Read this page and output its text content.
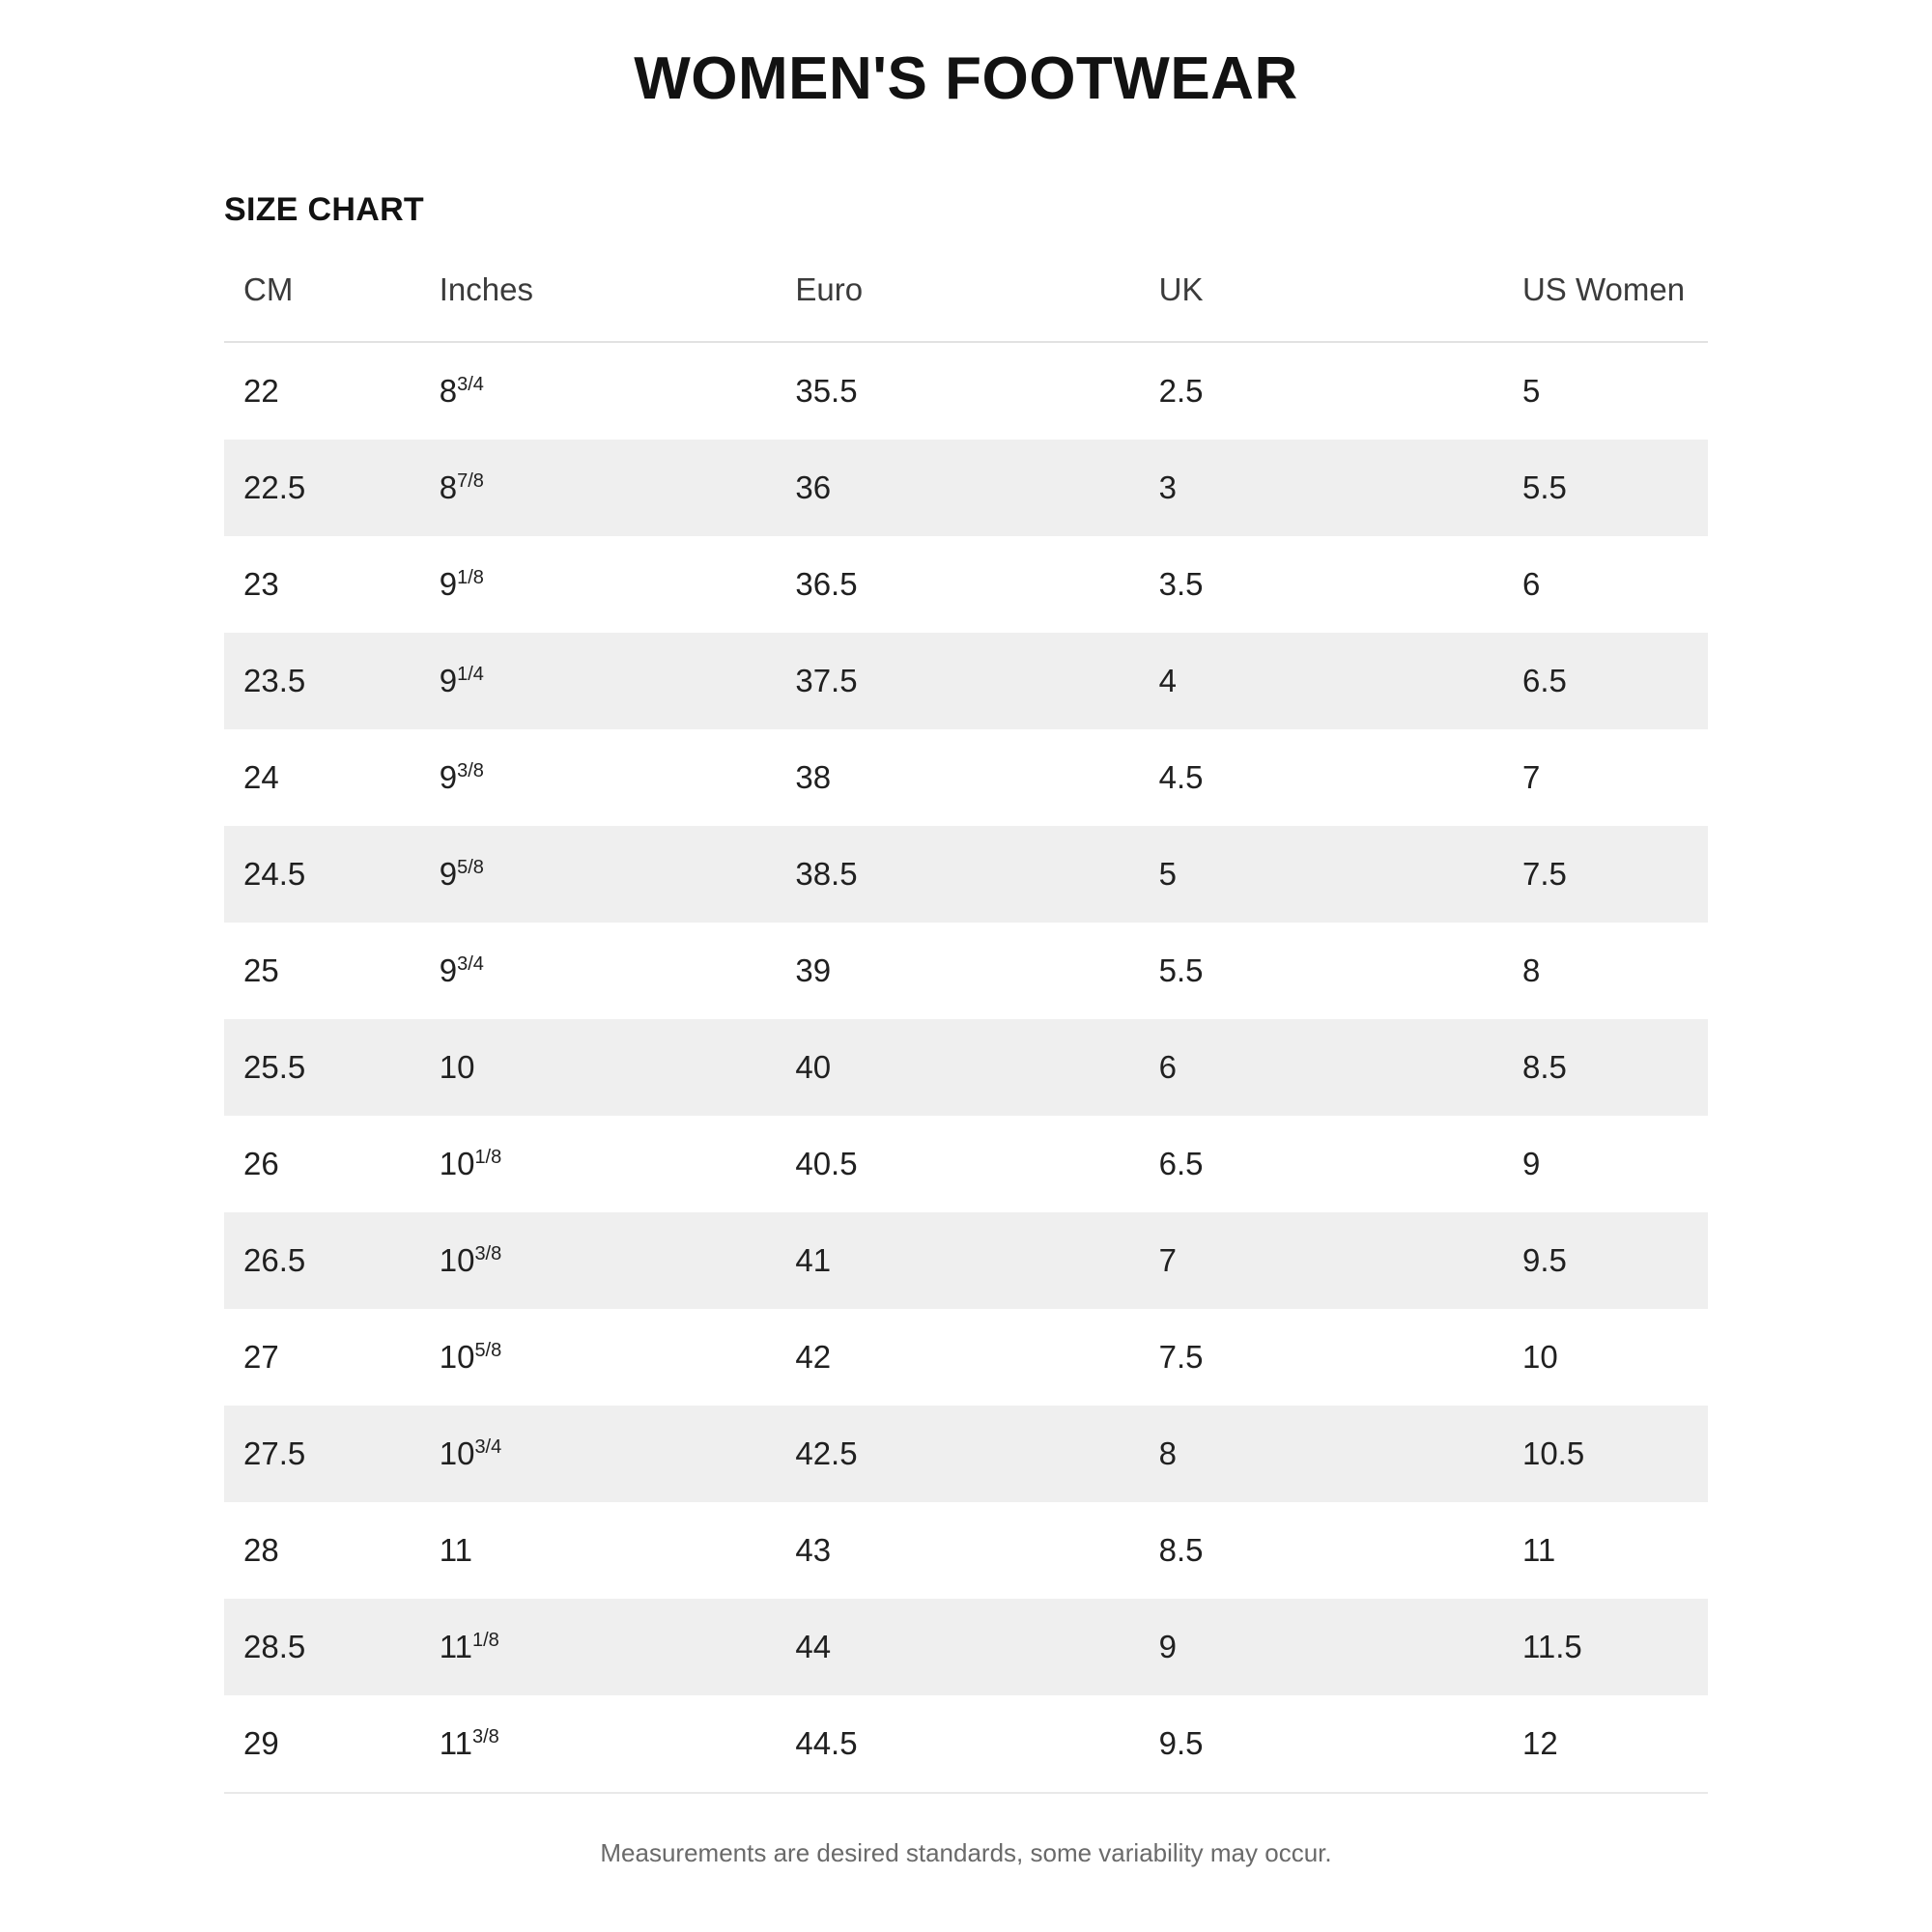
WOMEN'S FOOTWEAR
SIZE CHART
CM	Inches	Euro	UK	US Women
22	$8^{3/4}$	35.5	2.5	5
22.5	$8^{7/8}$	36	3	5.5
23	$9^{1/8}$	36.5	3.5	6
23.5	$9^{1/4}$	37.5	4	6.5
24	$9^{3/8}$	38	4.5	7
24.5	$9^{5/8}$	38.5	5	7.5
25	$9^{3/4}$	39	5.5	8
25.5	10	40	6	8.5
26	$10^{1/8}$	40.5	6.5	9
26.5	$10^{3/8}$	41	7	9.5
27	$10^{5/8}$	42	7.5	10
27.5	$10^{3/4}$	42.5	8	10.5
28	11	43	8.5	11
28.5	$11^{1/8}$	44	9	11.5
29	$11^{3/8}$	44.5	9.5	12
Measurements are desired standards, some variability may occur.
